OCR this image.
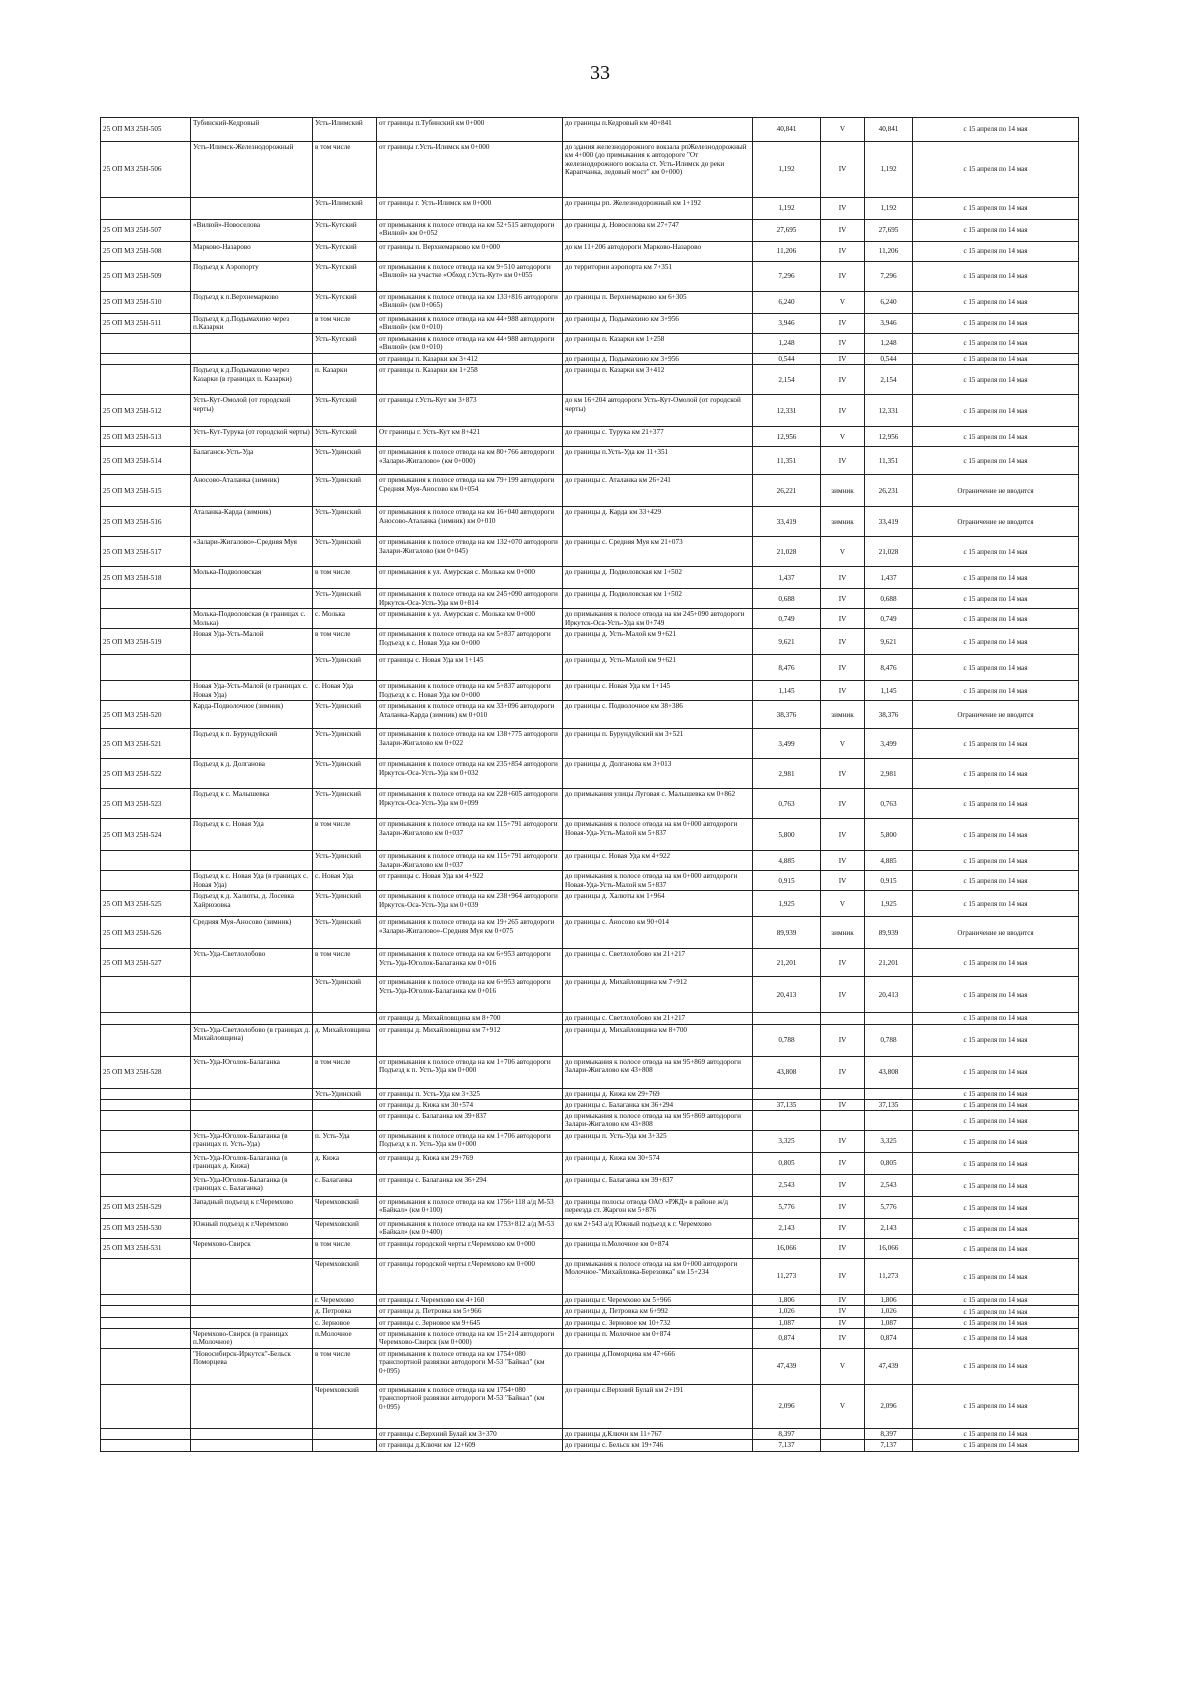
33
25 ОП МЗ 25Н-505	Тубинский-Кедровый	Усть-Илимский	от границы п.Тубинский км 0+000	до границы п.Кедровый км 40+841	40,841	V	40,841	с 15 апреля по 14 мая
25 ОП МЗ 25Н-506	Усть-Илимск-Железнодорожный	в том числе	от границы г.Усть-Илимск км 0+000	до здания железнодорожного вокзала рпЖелезнодорожный км 4+000 (до примыкания к автодороге "От железнодорожного вокзала ст. Усть-Илимск до реки Карапчанка, ледовый мост" км 0+000)	1,192	IV	1,192	с 15 апреля по 14 мая
		Усть-Илимский	от границы г. Усть-Илимск км 0+000	до границы рп. Железнодорожный км 1+192	1,192	IV	1,192	с 15 апреля по 14 мая
25 ОП МЗ 25Н-507	«Вилюй»-Новоселова	Усть-Кутский	от примыкания к полосе отвода на км 52+515 автодороги «Вилюй» км 0+052	до границы д. Новоселова км 27+747	27,695	IV	27,695	с 15 апреля по 14 мая
25 ОП МЗ 25Н-508	Марково-Назарово	Усть-Кутский	от границы п. Верхнемарково км 0+000	до км 11+206 автодороги Марково-Назарово	11,206	IV	11,206	с 15 апреля по 14 мая
25 ОП МЗ 25Н-509	Подъезд к Аэропорту	Усть-Кутский	от примыкания к полосе отвода на км 9+510 автодороги «Вилюй» на участке «Обход г.Усть-Кут» км 0+055	до территории аэропорта км 7+351	7,296	IV	7,296	с 15 апреля по 14 мая
25 ОП МЗ 25Н-510	Подъезд к п.Верхнемарково	Усть-Кутский	от примыкания к полосе отвода на км 133+816 автодороги «Вилюй» (км 0+065)	до границы п. Верхнемарково км 6+305	6,240	V	6,240	с 15 апреля по 14 мая
25 ОП МЗ 25Н-511	Подъезд к д.Подымахино через п.Казарки	в том числе	от примыкания к полосе отвода на км 44+988 автодороги «Вилюй» (км 0+010)	до границы д. Подымахино км 3+956	3,946	IV	3,946	с 15 апреля по 14 мая
		Усть-Кутский	от примыкания к полосе отвода на км 44+988 автодороги «Вилюй» (км 0+010)	до границы п. Казарки км 1+258	1,248	IV	1,248	с 15 апреля по 14 мая
			от границы п. Казарки км 3+412	до границы д. Подымахино км 3+956	0,544	IV	0,544	с 15 апреля по 14 мая
	Подъезд к д.Подымахино через Казарки (в границах п. Казарки)	п. Казарки	от границы п. Казарки км 1+258	до границы п. Казарки км 3+412	2,154	IV	2,154	с 15 апреля по 14 мая
25 ОП МЗ 25Н-512	Усть-Кут-Омолой (от городской черты)	Усть-Кутский	от границы г.Усть-Кут км 3+873	до км 16+204 автодороги Усть-Кут-Омолой (от городской черты)	12,331	IV	12,331	с 15 апреля по 14 мая
25 ОП МЗ 25Н-513	Усть-Кут-Турука (от городской черты)	Усть-Кутский	От границы г. Усть-Кут км 8+421	до границы с. Турука км 21+377	12,956	V	12,956	с 15 апреля по 14 мая
25 ОП МЗ 25Н-514	Балаганск-Усть-Уда	Усть-Удинский	от примыкания к полосе отвода на км 80+766 автодороги «Залари-Жигалово» (км 0+000)	до границы п.Усть-Уда км 11+351	11,351	IV	11,351	с 15 апреля по 14 мая
25 ОП МЗ 25Н-515	Аносово-Аталанка (зимник)	Усть-Удинский	от примыкания к полосе отвода на км 79+199 автодороги Средняя Муя-Аносово км 0+054	до границы с. Аталанка км 26+241	26,221	зимник	26,231	Ограничение не вводится
25 ОП МЗ 25Н-516	Аталанка-Карда (зимник)	Усть-Удинский	от примыкания к полосе отвода на км 16+040 автодороги Аносово-Аталанка (зимник) км 0+010	до границы д. Карда км 33+429	33,419	зимник	33,419	Ограничение не вводится
25 ОП МЗ 25Н-517	«Залари-Жигалово»-Средняя Муя	Усть-Удинский	от примыкания к полосе отвода на км 132+070 автодороги Залари-Жигалово (км 0+045)	до границы с. Средняя Муя км 21+073	21,028	V	21,028	с 15 апреля по 14 мая
25 ОП МЗ 25Н-518	Молька-Подволовская	в том числе	от примыкания к ул. Амурская с. Молька км 0+000	до границы д. Подволовская км 1+502	1,437	IV	1,437	с 15 апреля по 14 мая
		Усть-Удинский	от примыкания к полосе отвода на км 245+090 автодороги Иркутск-Оса-Усть-Уда км 0+814	до границы д. Подволовская км 1+502	0,688	IV	0,688	с 15 апреля по 14 мая
	Молька-Подволовская (в границах с. Молька)	с. Молька	от примыкания к ул. Амурская с. Молька км 0+000	до примыкания к полосе отвода на км 245+090 автодороги Иркутск-Оса-Усть-Уда км 0+749	0,749	IV	0,749	с 15 апреля по 14 мая
25 ОП МЗ 25Н-519	Новая Уда-Усть-Малой	в том числе	от примыкания к полосе отвода на км 5+837 автодороги Подъезд к с. Новая Уда км 0+000	до границы д. Усть-Малой км 9+621	9,621	IV	9,621	с 15 апреля по 14 мая
		Усть-Удинский	от границы с. Новая Уда км 1+145	до границы д. Усть-Малой км 9+621	8,476	IV	8,476	с 15 апреля по 14 мая
	Новая Уда-Усть-Малой (в границах с. Новая Уда)	с. Новая Уда	от примыкания к полосе отвода на км 5+837 автодороги Подъезд к с. Новая Уда км 0+000	до границы с. Новая Уда км 1+145	1,145	IV	1,145	с 15 апреля по 14 мая
25 ОП МЗ 25Н-520	Карда-Подволочное (зимник)	Усть-Удинский	от примыкания к полосе отвода на км 33+096 автодороги Аталанка-Карда (зимник) км 0+010	до границы с. Подволочное км 38+386	38,376	зимник	38,376	Ограничение не вводится
25 ОП МЗ 25Н-521	Подъезд к п. Бурундуйский	Усть-Удинский	от примыкания к полосе отвода на км 138+775 автодороги Залари-Жигалово км 0+022	до границы п. Бурундуйский км 3+521	3,499	V	3,499	с 15 апреля по 14 мая
25 ОП МЗ 25Н-522	Подъезд к д. Долганова	Усть-Удинский	от примыкания к полосе отвода на км 235+854 автодороги Иркутск-Оса-Усть-Уда км 0+032	до границы д. Долганова км 3+013	2,981	IV	2,981	с 15 апреля по 14 мая
25 ОП МЗ 25Н-523	Подъезд к с. Малышевка	Усть-Удинский	от примыкания к полосе отвода на км 228+605 автодороги Иркутск-Оса-Усть-Уда км 0+099	до примыкания улицы Луговая с. Малышевка км 0+862	0,763	IV	0,763	с 15 апреля по 14 мая
25 ОП МЗ 25Н-524	Подъезд к с. Новая Уда	в том числе	от примыкания к полосе отвода на км 115+791 автодороги Залари-Жигалово км 0+037	до примыкания к полосе отвода на км 0+000 автодороги Новая-Уда-Усть-Малой км 5+837	5,800	IV	5,800	с 15 апреля по 14 мая
		Усть-Удинский	от примыкания к полосе отвода на км 115+791 автодороги Залари-Жигалово км 0+037	до границы с. Новая Уда км 4+922	4,885	IV	4,885	с 15 апреля по 14 мая
	Подъезд к с. Новая Уда (в границах с. Новая Уда)	с. Новая Уда	от границы с. Новая Уда км 4+922	до примыкания к полосе отвода на км 0+000 автодороги Новая-Уда-Усть-Малой км 5+837	0,915	IV	0,915	с 15 апреля по 14 мая
25 ОП МЗ 25Н-525	Подъезд к д. Халюты, д. Лосевка Хайрюзовка	Усть-Удинский	от примыкания к полосе отвода на км 238+964 автодороги Иркутск-Оса-Усть-Уда км 0+039	до границы д. Халюты км 1+964	1,925	V	1,925	с 15 апреля по 14 мая
25 ОП МЗ 25Н-526	Средняя Муя-Аносово (зимник)	Усть-Удинский	от примыкания к полосе отвода на км 19+265 автодороги «Залари-Жигалово»-Средняя Муя км 0+075	до границы с. Аносово км 90+014	89,939	зимник	89,939	Ограничение не вводится
25 ОП МЗ 25Н-527	Усть-Уда-Светлолобово	в том числе	от примыкания к полосе отвода на км 6+953 автодороги Усть-Уда-Юголок-Балаганка км 0+016	до границы с. Светлолобово км 21+217	21,201	IV	21,201	с 15 апреля по 14 мая
		Усть-Удинский	от примыкания к полосе отвода на км 6+953 автодороги Усть-Уда-Юголок-Балаганка км 0+016	до границы д. Михайловщина км 7+912	20,413	IV	20,413	с 15 апреля по 14 мая
			от границы д. Михайловщина км 8+700	до границы с. Светлолобово км 21+217				с 15 апреля по 14 мая
	Усть-Уда-Светлолобово (в границах д. Михайловщина)	д. Михайловщина	от границы д. Михайловщина км 7+912	до границы д. Михайловщина км 8+700	0,788	IV	0,788	с 15 апреля по 14 мая
25 ОП МЗ 25Н-528	Усть-Уда-Юголок-Балаганка	в том числе	от примыкания к полосе отвода на км 1+706 автодороги Подъезд к п. Усть-Уда км 0+000	до примыкания к полосе отвода на км 95+869 автодороги Залари-Жигалово км 43+808	43,808	IV	43,808	с 15 апреля по 14 мая
		Усть-Удинский	от границы п. Усть-Уда км 3+325	до границы д. Кижа км 29+769				с 15 апреля по 14 мая
			от границы д. Кижа км 30+574	до границы с. Балаганка км 36+294	37,135	IV	37,135	с 15 апреля по 14 мая
			от границы с. Балаганка км 39+837	до примыкания к полосе отвода на км 95+869 автодороги Залари-Жигалово км 43+808				с 15 апреля по 14 мая
	Усть-Уда-Юголок-Балаганка (в границах п. Усть-Уда)	п. Усть-Уда	от примыкания к полосе отвода на км 1+706 автодороги Подъезд к п. Усть-Уда км 0+000	до границы п. Усть-Уда км 3+325	3,325	IV	3,325	с 15 апреля по 14 мая
	Усть-Уда-Юголок-Балаганка (в границах д. Кижа)	д. Кижа	от границы д. Кижа км 29+769	до границы д. Кижа км 30+574	0,805	IV	0,805	с 15 апреля по 14 мая
	Усть-Уда-Юголок-Балаганка (в границах с. Балаганка)	с. Балаганка	от границы с. Балаганка км 36+294	до границы с. Балаганка км 39+837	2,543	IV	2,543	с 15 апреля по 14 мая
25 ОП МЗ 25Н-529	Западный подъезд к г.Черемхово	Черемховский	от примыкания к полосе отвода на км 1756+118 а/д М-53 «Байкал» (км 0+100)	до границы полосы отвода ОАО «РЖД» в районе ж/д переезда ст. Жаргон км 5+876	5,776	IV	5,776	с 15 апреля по 14 мая
25 ОП МЗ 25Н-530	Южный подъезд к г.Черемхово	Черемховский	от примыкания к полосе отвода на км 1753+812 а/д М-53 «Байкал» (км 0+400)	до км 2+543 а/д Южный подъезд к г. Черемхово	2,143	IV	2,143	с 15 апреля по 14 мая
25 ОП МЗ 25Н-531	Черемхово-Свирск	в том числе	от границы городской черты г.Черемхово км 0+000	до границы п.Молочное км 0+874	16,066	IV	16,066	с 15 апреля по 14 мая
		Черемховский	от границы городской черты г.Черемхово км 0+000	до примыкания к полосе отвода на км 0+000 автодороги Молочное-"Михайловка-Березовка" км 15+234	11,273	IV	11,273	с 15 апреля по 14 мая
		г. Черемхово	от границы г. Черемхово км 4+160	до границы г. Черемхово км 5+966	1,806	IV	1,806	с 15 апреля по 14 мая
		д. Петровка	от границы д. Петровка км 5+966	до границы д. Петровка км 6+992	1,026	IV	1,026	с 15 апреля по 14 мая
		с. Зерновое	от границы с. Зерновое км 9+645	до границы с. Зерновое км 10+732	1,087	IV	1,087	с 15 апреля по 14 мая
	Черемхово-Свирск (в границах п.Молочное)	п.Молочное	от примыкания к полосе отвода на км 15+214 автодороги Черемхово-Свирск (км 0+000)	до границы п. Молочное км 0+874	0,874	IV	0,874	с 15 апреля по 14 мая
	"Новосибирск-Иркутск"-Бельск Поморцева	в том числе	от примыкания к полосе отвода на км 1754+080 транспортной развязки автодороги М-53 "Байкал" (км 0+095)	до границы д.Поморцева км 47+666	47,439	V	47,439	с 15 апреля по 14 мая
		Черемховский	от примыкания к полосе отвода на км 1754+080 транспортной развязки автодороги М-53 "Байкал" (км 0+095)	до границы с.Верхний Булай км 2+191	2,096	V	2,096	с 15 апреля по 14 мая
			от границы с.Верхний Булай км 3+370	до границы д.Ключи км 11+767	8,397		8,397	с 15 апреля по 14 мая
			от границы д.Ключи км 12+609	до границы с. Бельск км 19+746	7,137		7,137	с 15 апреля по 14 мая
